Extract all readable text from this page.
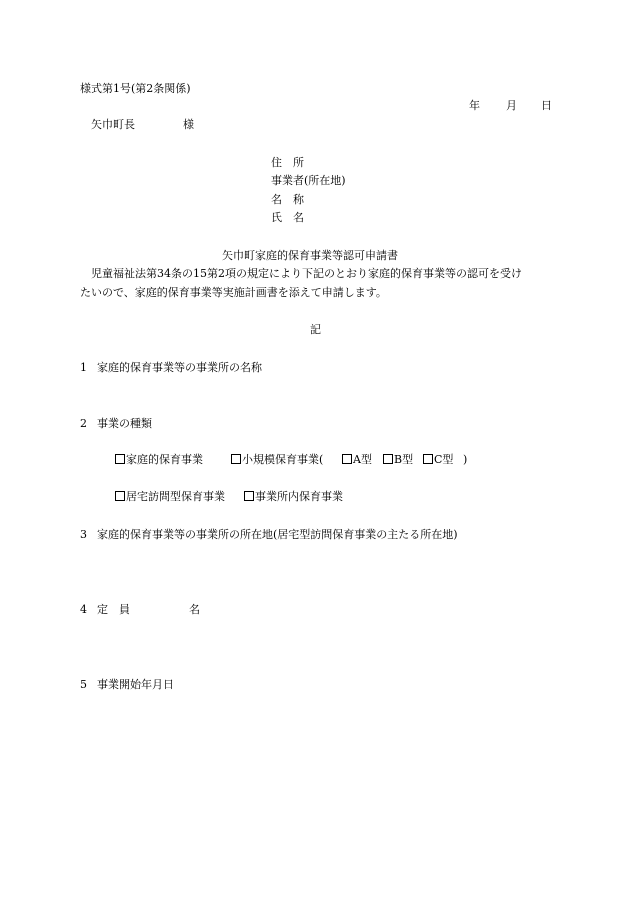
様式第1号(第2条関係)
年 月 日
矢巾町長	様
住　所
事業者(所在地)
名　称
氏　名
矢巾町家庭的保育事業等認可申請書
児童福祉法第34条の15第2項の規定により下記のとおり家庭的保育事業等の認可を受け
たいので、家庭的保育事業等実施計画書を添えて申請します。
記
1 家庭的保育事業等の事業所の名称
2 事業の種類
家庭的保育事業	小規模保育事業(	A型	B型	C型 )
居宅訪問型保育事業	事業所内保育事業
3 家庭的保育事業等の事業所の所在地(居宅型訪問保育事業の主たる所在地)
4 定　員	名
5 事業開始年月日
